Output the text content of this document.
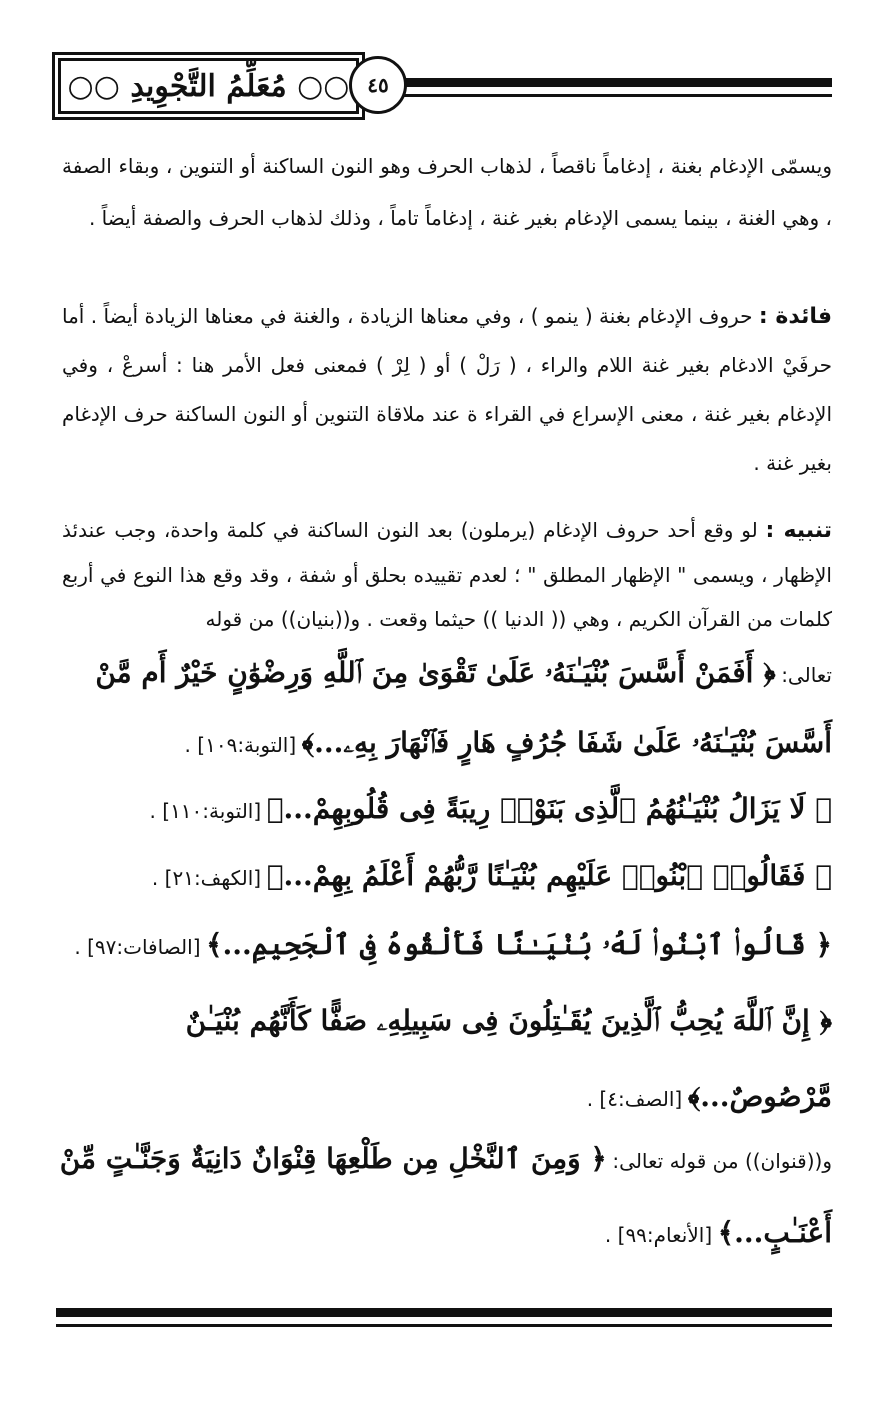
○○ مُعَلِّمُ التَّجْوِيدِ ○○ ٤٥
ويسمّى الإدغام بغنة ، إدغاماً ناقصاً ، لذهاب الحرف وهو النون الساكنة أو التنوين ، وبقاء الصفة ، وهي الغنة ، بينما يسمى الإدغام بغير غنة ، إدغاماً تاماً ، وذلك لذهاب الحرف والصفة أيضاً .
فائدة : حروف الإدغام بغنة ( ينمو ) ، وفي معناها الزيادة ، والغنة في معناها الزيادة أيضاً . أما حرفَيْ الادغام بغير غنة اللام والراء ، ( رَلْ ) أو ( لِرْ ) فمعنى فعل الأمر هنا : أسرعْ ، وفي الإدغام بغير غنة ، معنى الإسراع في القراء ة عند ملاقاة التنوين أو النون الساكنة حرف الإدغام بغير غنة .
تنبيه : لو وقع أحد حروف الإدغام (يرملون) بعد النون الساكنة في كلمة واحدة، وجب عندئذ الإظهار ، ويسمى " الإظهار المطلق " ؛ لعدم تقييده بحلق أو شفة ، وقد وقع هذا النوع في أربع كلمات من القرآن الكريم ، وهي (( الدنيا )) حيثما وقعت . و((بنيان)) من قوله
تعالى: ﴿ أَفَمَنْ أَسَّسَ بُنْيَـٰنَهُۥ عَلَىٰ تَقْوَىٰ مِنَ ٱللَّهِ وَرِضْوَٰنٍ خَيْرٌ أَم مَّنْ أَسَّسَ بُنْيَـٰنَهُۥ عَلَىٰ شَفَا جُرُفٍ هَارٍ فَٱنْهَارَ بِهِۦ...﴾ [التوبة:١٠٩] .
﴿ لَا يَزَالُ بُنْيَـٰنُهُمُ ٱلَّذِى بَنَوْا۟ رِيبَةً فِى قُلُوبِهِمْ...﴾ [التوبة:١١٠] .
﴿ فَقَالُوا۟ ٱبْنُوا۟ عَلَيْهِم بُنْيَـٰنًا رَّبُّهُمْ أَعْلَمُ بِهِمْ...﴾ [الكهف:٢١] .
﴿ قَالُوا۟ ٱبْنُوا۟ لَهُۥ بُنْيَـٰنًا فَأَلْقُوهُ فِى ٱلْجَحِيمِ...﴾ [الصافات:٩٧] .
﴿ إِنَّ ٱللَّهَ يُحِبُّ ٱلَّذِينَ يُقَـٰتِلُونَ فِى سَبِيلِهِۦ صَفًّا كَأَنَّهُم بُنْيَـٰنٌ مَّرْصُوصٌ...﴾ [الصف:٤] .
و((قنوان)) من قوله تعالى: ﴿ وَمِنَ ٱلنَّخْلِ مِن طَلْعِهَا قِنْوَانٌ دَانِيَةٌ وَجَنَّـٰتٍ مِّنْ أَعْنَـٰبٍ...﴾ [الأنعام:٩٩] .
